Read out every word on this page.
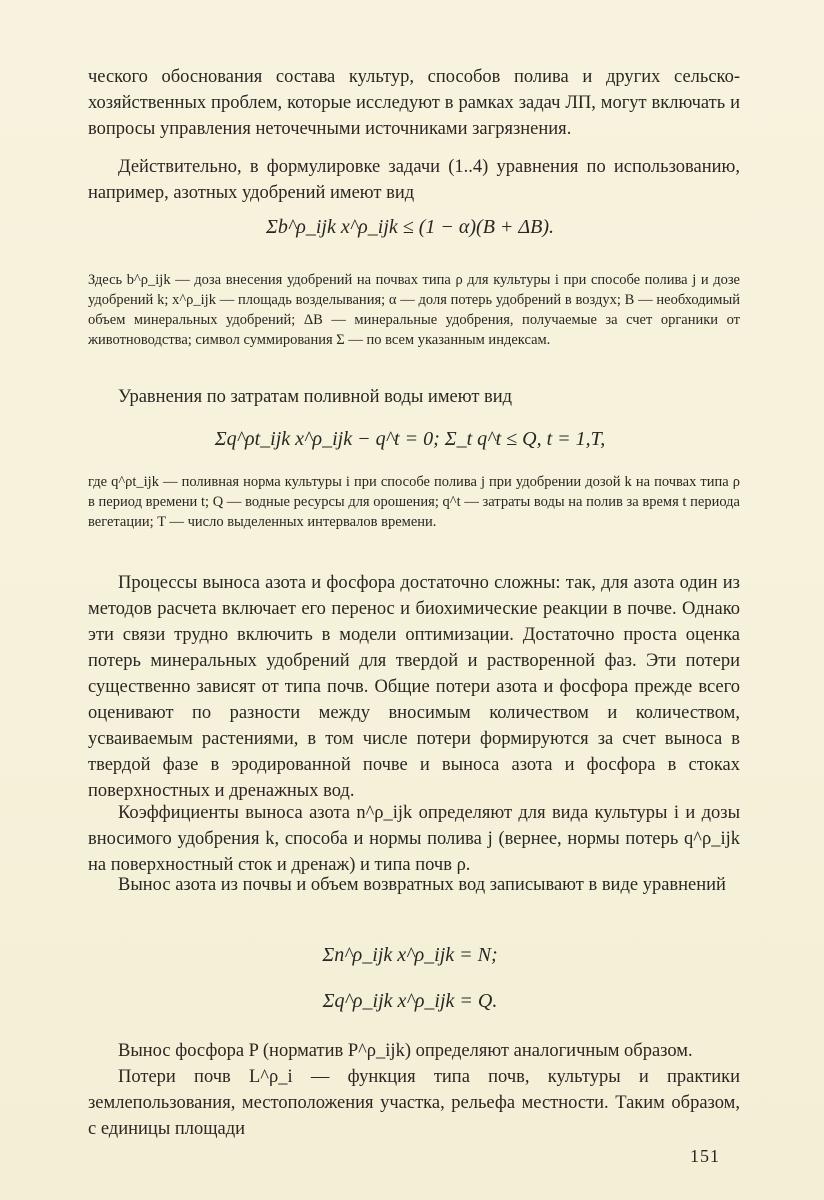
ческого обоснования состава культур, способов полива и других сельско-хозяйственных проблем, которые исследуют в рамках задач ЛП, могут включать и вопросы управления неточечными источниками загрязнения.

Действительно, в формулировке задачи (1..4) уравнения по использованию, например, азотных удобрений имеют вид

Σb^ρ_ijk x^ρ_ijk ≤ (1 − α)(B + ΔB).

Здесь b^ρ_ijk — доза внесения удобрений на почвах типа ρ для культуры i при способе полива j и дозе удобрений k; x^ρ_ijk — площадь возделывания; α — доля потерь удобрений в воздух; B — необходимый объем минеральных удобрений; ΔB — минеральные удобрения, получаемые за счет органики от животноводства; символ суммирования Σ — по всем указанным индексам.

Уравнения по затратам поливной воды имеют вид

Σq^ρt_ijk x^ρ_ijk − q^t = 0; Σ_t q^t ≤ Q, t = 1,T,

где q^ρt_ijk — поливная норма культуры i при способе полива j при удобрении дозой k на почвах типа ρ в период времени t; Q — водные ресурсы для орошения; q^t — затраты воды на полив за время t периода вегетации; T — число выделенных интервалов времени.

Процессы выноса азота и фосфора достаточно сложны: так, для азота один из методов расчета включает его перенос и биохимические реакции в почве. Однако эти связи трудно включить в модели оптимизации. Достаточно проста оценка потерь минеральных удобрений для твердой и растворенной фаз. Эти потери существенно зависят от типа почв. Общие потери азота и фосфора прежде всего оценивают по разности между вносимым количеством и количеством, усваиваемым растениями, в том числе потери формируются за счет выноса в твердой фазе в эродированной почве и выноса азота и фосфора в стоках поверхностных и дренажных вод.

Коэффициенты выноса азота n^ρ_ijk определяют для вида культуры i и дозы вносимого удобрения k, способа и нормы полива j (вернее, нормы потерь q^ρ_ijk на поверхностный сток и дренаж) и типа почв ρ.

Вынос азота из почвы и объем возвратных вод записывают в виде уравнений

Σn^ρ_ijk x^ρ_ijk = N;
Σq^ρ_ijk x^ρ_ijk = Q.

Вынос фосфора P (норматив P^ρ_ijk) определяют аналогичным образом.

Потери почв L^ρ_i — функция типа почв, культуры и практики землепользования, местоположения участка, рельефа местности. Таким образом, с единицы площади

151
